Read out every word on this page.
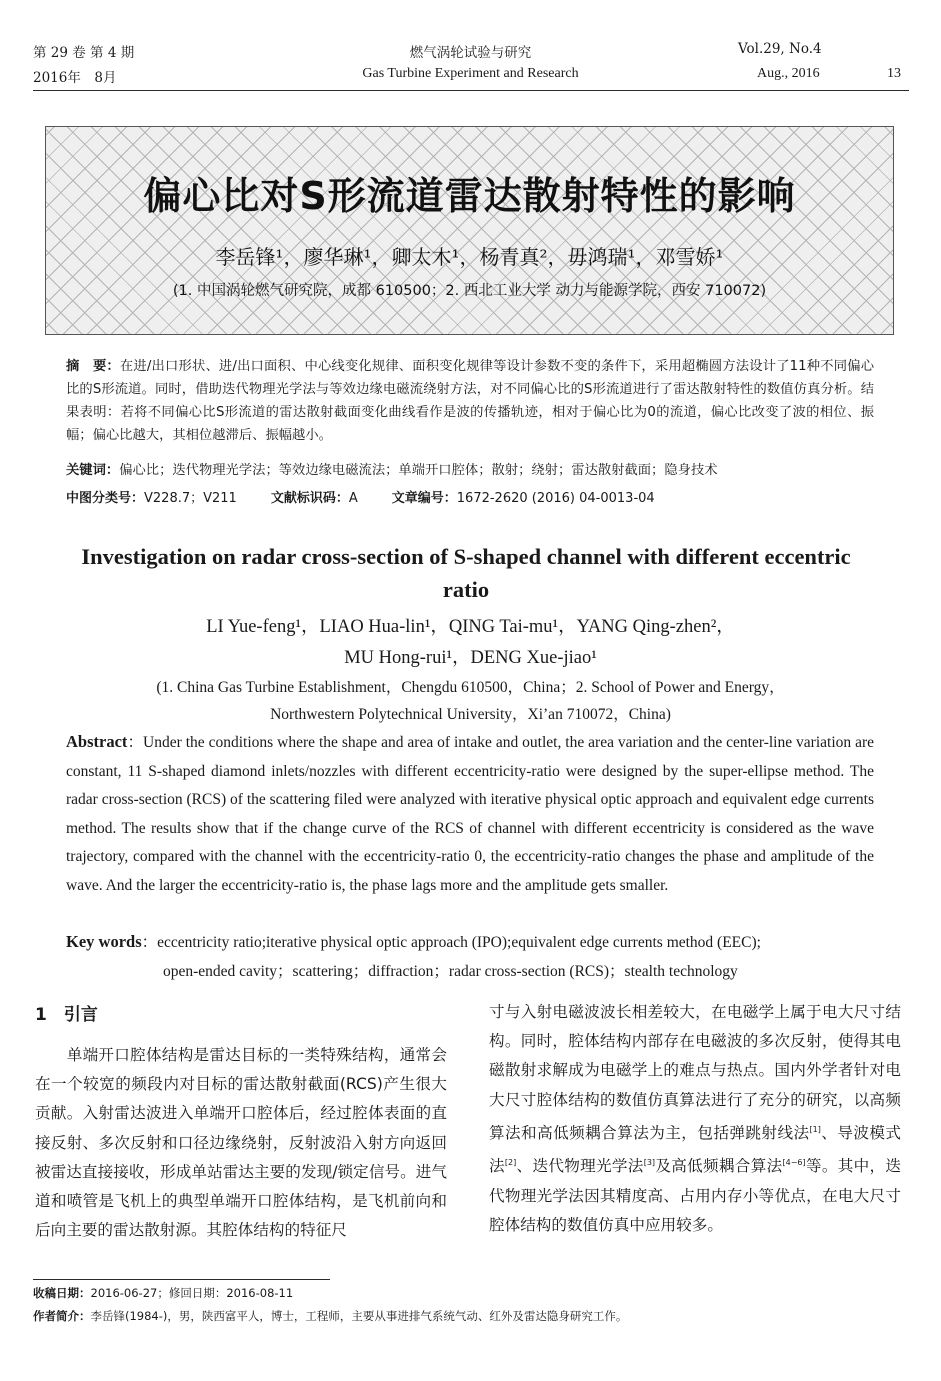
第 29 卷 第 4 期	燃气涡轮试验与研究	Vol.29, No.4
2016年　8月	Gas Turbine Experiment and Research	Aug., 2016	13
偏心比对S形流道雷达散射特性的影响
李岳锋¹，廖华琳¹，卿太木¹，杨青真²，毋鸿瑞¹，邓雪娇¹
(1. 中国涡轮燃气研究院，成都 610500；2. 西北工业大学 动力与能源学院，西安 710072)
摘　要：在进/出口形状、进/出口面积、中心线变化规律、面积变化规律等设计参数不变的条件下，采用超椭圆方法设计了11种不同偏心比的S形流道。同时，借助迭代物理光学法与等效边缘电磁流绕射方法，对不同偏心比的S形流道进行了雷达散射特性的数值仿真分析。结果表明：若将不同偏心比S形流道的雷达散射截面变化曲线看作是波的传播轨迹，相对于偏心比为0的流道，偏心比改变了波的相位、振幅；偏心比越大，其相位越滞后、振幅越小。
关键词：偏心比；迭代物理光学法；等效边缘电磁流法；单端开口腔体；散射；绕射；雷达散射截面；隐身技术
中图分类号：V228.7；V211	文献标识码：A	文章编号：1672-2620 (2016) 04-0013-04
Investigation on radar cross-section of S-shaped channel with different eccentric ratio
LI Yue-feng¹，LIAO Hua-lin¹，QING Tai-mu¹，YANG Qing-zhen²，
MU Hong-rui¹，DENG Xue-jiao¹
(1. China Gas Turbine Establishment，Chengdu 610500，China；2. School of Power and Energy，
Northwestern Polytechnical University，Xi’an 710072，China)
Abstract：Under the conditions where the shape and area of intake and outlet, the area variation and the center-line variation are constant, 11 S-shaped diamond inlets/nozzles with different eccentricity-ratio were designed by the super-ellipse method. The radar cross-section (RCS) of the scattering filed were analyzed with iterative physical optic approach and equivalent edge currents method. The results show that if the change curve of the RCS of channel with different eccentricity is considered as the wave trajectory, compared with the channel with the eccentricity-ratio 0, the eccentricity-ratio changes the phase and amplitude of the wave. And the larger the eccentricity-ratio is, the phase lags more and the amplitude gets smaller.
Key words：eccentricity ratio;iterative physical optic approach (IPO);equivalent edge currents method (EEC);
open-ended cavity；scattering；diffraction；radar cross-section (RCS)；stealth technology
1　引言
　　单端开口腔体结构是雷达目标的一类特殊结构，通常会在一个较宽的频段内对目标的雷达散射截面(RCS)产生很大贡献。入射雷达波进入单端开口腔体后，经过腔体表面的直接反射、多次反射和口径边缘绕射，反射波沿入射方向返回被雷达直接接收，形成单站雷达主要的发现/锁定信号。进气道和喷管是飞机上的典型单端开口腔体结构，是飞机前向和后向主要的雷达散射源。其腔体结构的特征尺
寸与入射电磁波波长相差较大，在电磁学上属于电大尺寸结构。同时，腔体结构内部存在电磁波的多次反射，使得其电磁散射求解成为电磁学上的难点与热点。国内外学者针对电大尺寸腔体结构的数值仿真算法进行了充分的研究，以高频算法和高低频耦合算法为主，包括弹跳射线法[1]、导波模式法[2]、迭代物理光学法[3]及高低频耦合算法[4−6]等。其中，迭代物理光学法因其精度高、占用内存小等优点，在电大尺寸腔体结构的数值仿真中应用较多。
收稿日期：2016-06-27；修回日期：2016-08-11
作者简介：李岳锋(1984-)，男，陕西富平人，博士，工程师，主要从事进排气系统气动、红外及雷达隐身研究工作。
